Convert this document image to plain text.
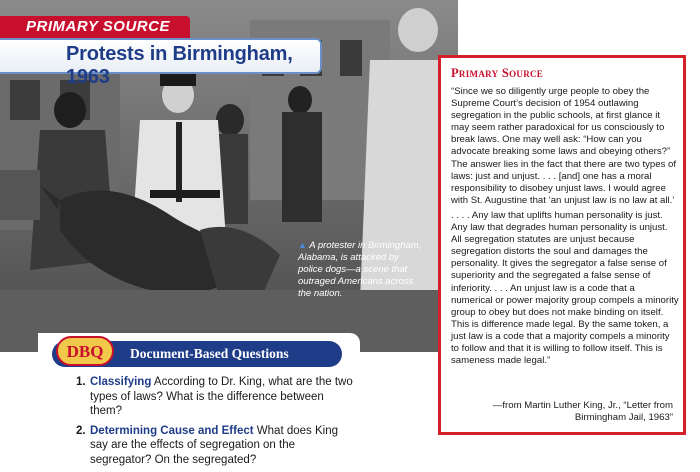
PRIMARY SOURCE
Protests in Birmingham, 1963
▲ A protester in Birmingham, Alabama, is attacked by police dogs—a scene that outraged Americans across the nation.
DBQ	Document-Based Questions
1. Classifying According to Dr. King, what are the two types of laws? What is the difference between them?
2. Determining Cause and Effect What does King say are the effects of segregation on the segregator? On the segregated?
Primary Source

“Since we so diligently urge people to obey the Supreme Court’s decision of 1954 outlawing segregation in the public schools, at first glance it may seem rather paradoxical for us consciously to break laws. One may well ask: “How can you advocate breaking some laws and obeying others?” The answer lies in the fact that there are two types of laws: just and unjust. . . . [and] one has a moral responsibility to disobey unjust laws. I would agree with St. Augustine that ‘an unjust law is no law at all.’

. . . . Any law that uplifts human personality is just. Any law that degrades human personality is unjust. All segregation statutes are unjust because segregation distorts the soul and damages the personality. It gives the segregator a false sense of superiority and the segregated a false sense of inferiority. . . . An unjust law is a code that a numerical or power majority group compels a minority group to obey but does not make binding on itself. This is difference made legal. By the same token, a just law is a code that a majority compels a minority to follow and that it is willing to follow itself. This is sameness made legal.”

—from Martin Luther King, Jr., “Letter from Birmingham Jail, 1963”
